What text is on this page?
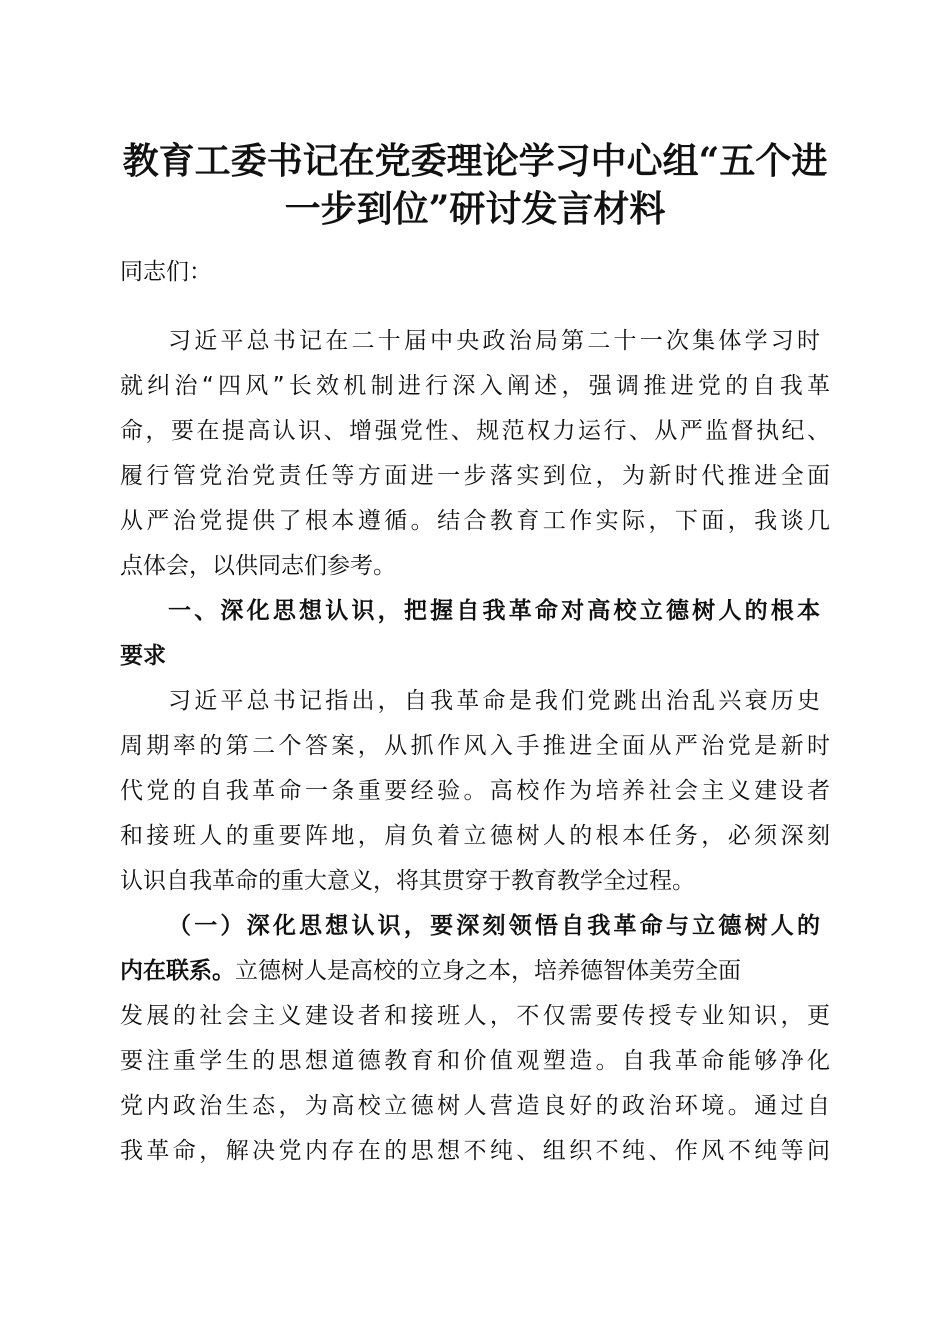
教育工委书记在党委理论学习中心组“五个进
一步到位”研讨发言材料

同志们：

习近平总书记在二十届中央政治局第二十一次集体学习时

就纠治“四风”长效机制进行深入阐述，强调推进党的自我革

命，要在提高认识、增强党性、规范权力运行、从严监督执纪、

履行管党治党责任等方面进一步落实到位，为新时代推进全面

从严治党提供了根本遵循。结合教育工作实际，下面，我谈几

点体会，以供同志们参考。

一、深化思想认识，把握自我革命对高校立德树人的根本

要求

习近平总书记指出，自我革命是我们党跳出治乱兴衰历史

周期率的第二个答案，从抓作风入手推进全面从严治党是新时

代党的自我革命一条重要经验。高校作为培养社会主义建设者

和接班人的重要阵地，肩负着立德树人的根本任务，必须深刻

认识自我革命的重大意义，将其贯穿于教育教学全过程。

（一）深化思想认识，要深刻领悟自我革命与立德树人的

内在联系。立德树人是高校的立身之本，培养德智体美劳全面

发展的社会主义建设者和接班人，不仅需要传授专业知识，更

要注重学生的思想道德教育和价值观塑造。自我革命能够净化

党内政治生态，为高校立德树人营造良好的政治环境。通过自

我革命，解决党内存在的思想不纯、组织不纯、作风不纯等问
